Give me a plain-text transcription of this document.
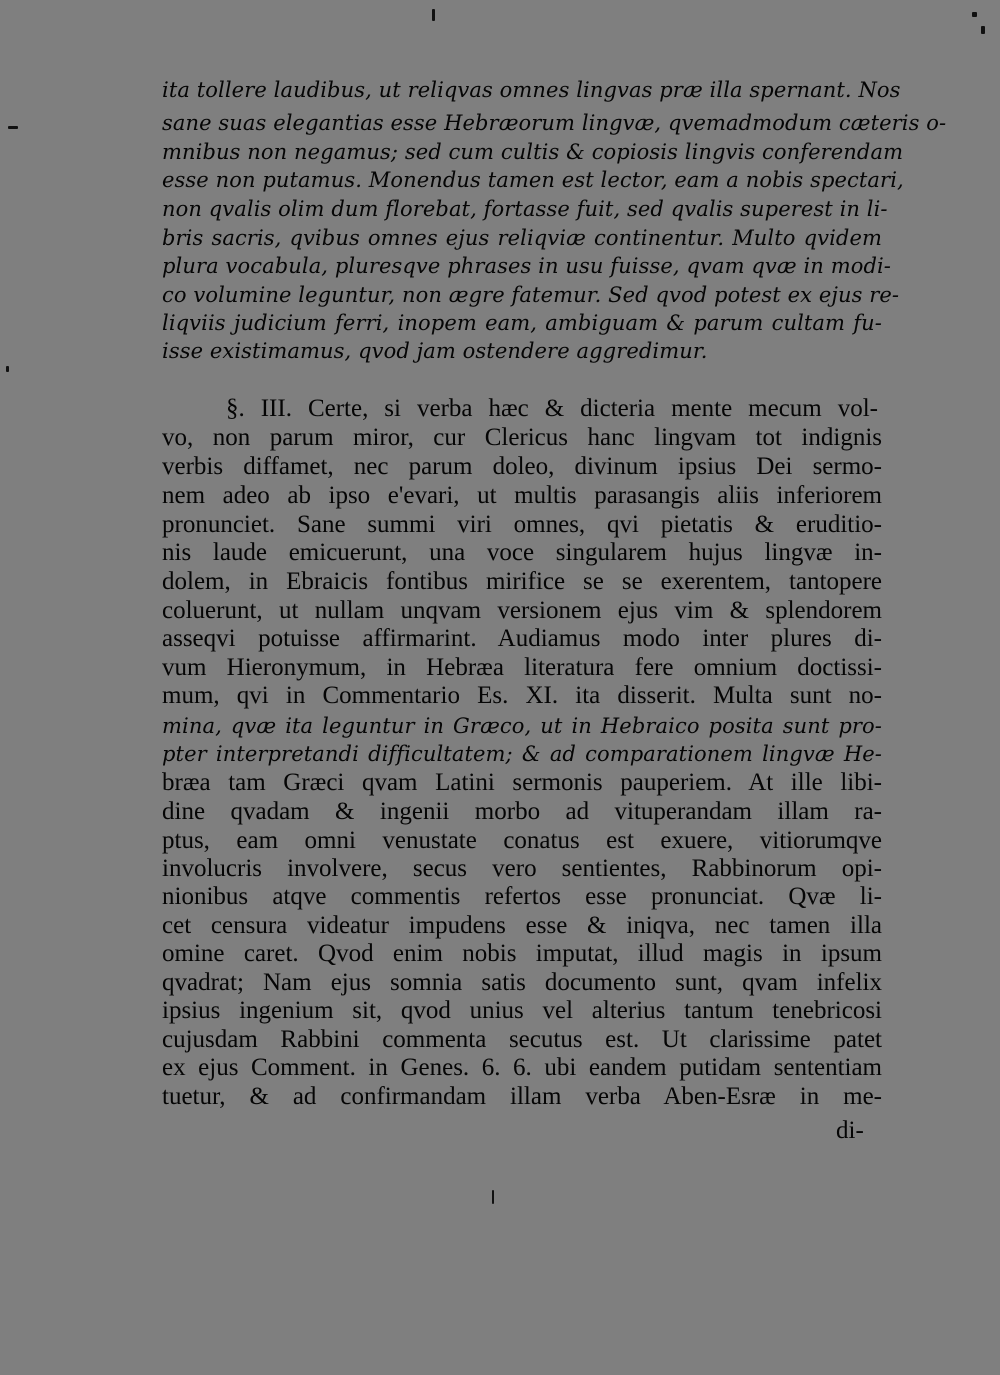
ita tollere laudibus, ut reliqvas omnes lingvas præ illa spernant. Nos
sane suas elegantias esse Hebræorum lingvæ, qvemadmodum cæteris o-
mnibus non negamus; sed cum cultis & copiosis lingvis conferendam
esse non putamus. Monendus tamen est lector, eam a nobis spectari,
non qvalis olim dum florebat, fortasse fuit, sed qvalis superest in li-
bris sacris, qvibus omnes ejus reliqviæ continentur. Multo qvidem
plura vocabula, pluresqve phrases in usu fuisse, qvam qvæ in modi-
co volumine leguntur, non ægre fatemur. Sed qvod potest ex ejus re-
liqviis judicium ferri, inopem eam, ambiguam & parum cultam fu-
isse existimamus, qvod jam ostendere aggredimur.
§. III. Certe, si verba hæc & dicteria mente mecum vol-
vo, non parum miror, cur Clericus hanc lingvam tot indignis
verbis diffamet, nec parum doleo, divinum ipsius Dei sermo-
nem adeo ab ipso e'evari, ut multis parasangis aliis inferiorem
pronunciet. Sane summi viri omnes, qvi pietatis & eruditio-
nis laude emicuerunt, una voce singularem hujus lingvæ in-
dolem, in Ebraicis fontibus mirifice se se exerentem, tantopere
coluerunt, ut nullam unqvam versionem ejus vim & splendorem
asseqvi potuisse affirmarint. Audiamus modo inter plures di-
vum Hieronymum, in Hebræa literatura fere omnium doctissi-
mum, qvi in Commentario Es. XI. ita disserit. Multa sunt no-
mina, qvæ ita leguntur in Græco, ut in Hebraico posita sunt pro-
pter interpretandi difficultatem; & ad comparationem lingvæ He-
bræa tam Græci qvam Latini sermonis pauperiem. At ille libi-
dine qvadam & ingenii morbo ad vituperandam illam ra-
ptus, eam omni venustate conatus est exuere, vitiorumqve
involucris involvere, secus vero sentientes, Rabbinorum opi-
nionibus atqve commentis refertos esse pronunciat. Qvæ li-
cet censura videatur impudens esse & iniqva, nec tamen illa
omine caret. Qvod enim nobis imputat, illud magis in ipsum
qvadrat; Nam ejus somnia satis documento sunt, qvam infelix
ipsius ingenium sit, qvod unius vel alterius tantum tenebricosi
cujusdam Rabbini commenta secutus est. Ut clarissime patet
ex ejus Comment. in Genes. 6. 6. ubi eandem putidam sententiam
tuetur, & ad confirmandam illam verba Aben-Esræ in me-
di-
